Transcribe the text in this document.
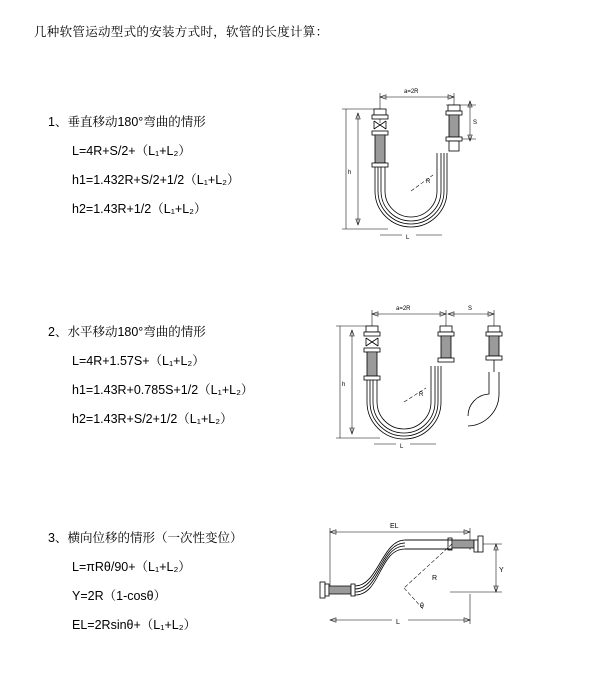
几种软管运动型式的安装方式时，软管的长度计算：
1、垂直移动180°弯曲的情形
L=4R+S/2+（L₁+L₂）
h1=1.432R+S/2+1/2（L₁+L₂）
h2=1.43R+1/2（L₁+L₂）
a=2R
S
h
R
L
2、水平移动180°弯曲的情形
L=4R+1.57S+（L₁+L₂）
h1=1.43R+0.785S+1/2（L₁+L₂）
h2=1.43R+S/2+1/2（L₁+L₂）
a=2R	S
h
R
L
3、横向位移的情形（一次性变位）
L=πRθ/90+（L₁+L₂）
Y=2R（1-cosθ）
EL=2Rsinθ+（L₁+L₂）
EL
Y
θ
R
L
